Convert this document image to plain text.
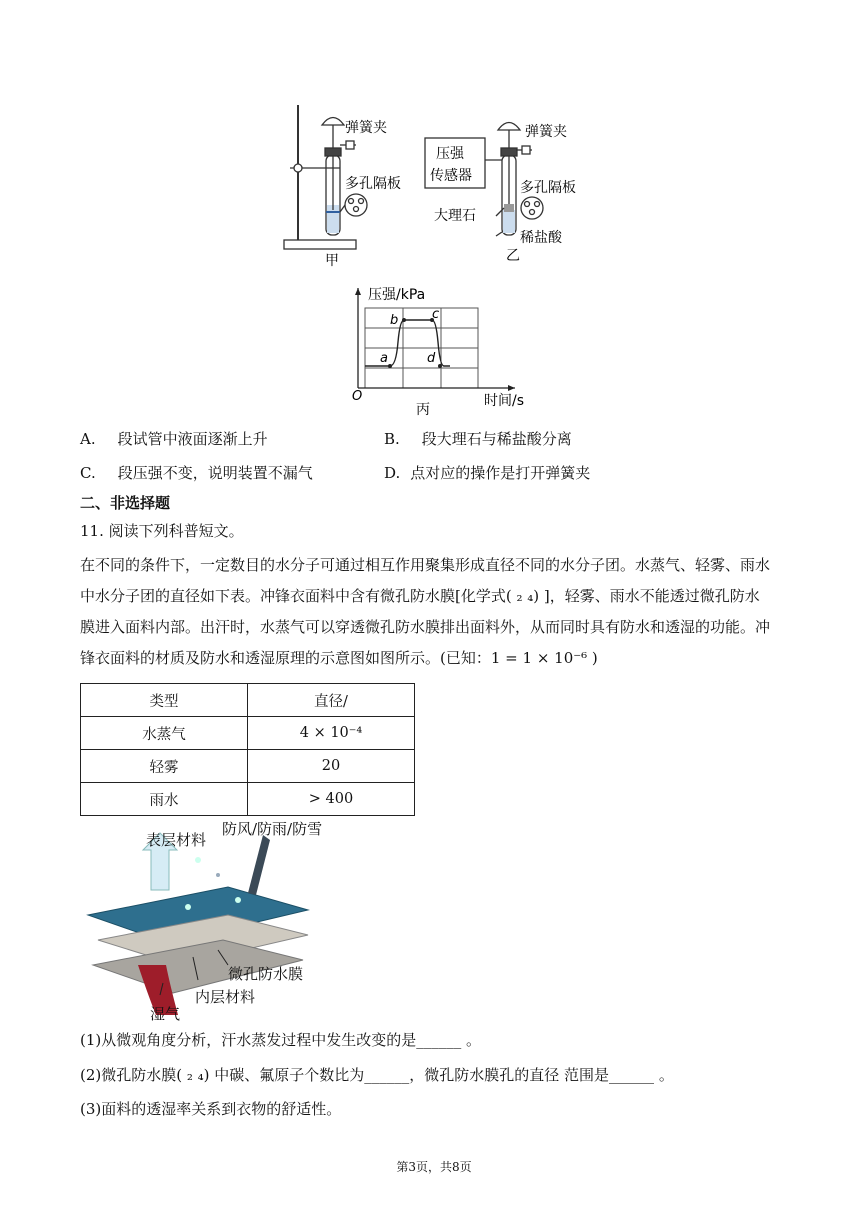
弹簧夹
多孔隔板
甲
压强
传感器
弹簧夹
多孔隔板
大理石
稀盐酸
乙
a
b	c
d
压强/kPa
时间/s
O
丙
A. 段试管中液面逐渐上升	B. 段大理石与稀盐酸分离
C. 段压强不变，说明装置不漏气	D. 点对应的操作是打开弹簧夹
二、非选择题
11. 阅读下列科普短文。
在不同的条件下，一定数目的水分子可通过相互作用聚集形成直径不同的水分子团。水蒸气、轻雾、雨水
中水分子团的直径如下表。冲锋衣面料中含有微孔防水膜[化学式( ₂ ₄) ]，轻雾、雨水不能透过微孔防水
膜进入面料内部。出汗时，水蒸气可以穿透微孔防水膜排出面料外，从而同时具有防水和透湿的功能。冲
锋衣面料的材质及防水和透湿原理的示意图如图所示。(已知：1 = 1 × 10⁻⁶ )
类型	直径/
水蒸气	4 × 10⁻⁴
轻雾	20
雨水	> 400
表层材料
防风/防雨/防雪
微孔防水膜
内层材料
湿气
(1)从微观角度分析，汗水蒸发过程中发生改变的是______ 。
(2)微孔防水膜( ₂ ₄) 中碳、氟原子个数比为______，微孔防水膜孔的直径 范围是______ 。
(3)面料的透湿率关系到衣物的舒适性。
第3页，共8页
